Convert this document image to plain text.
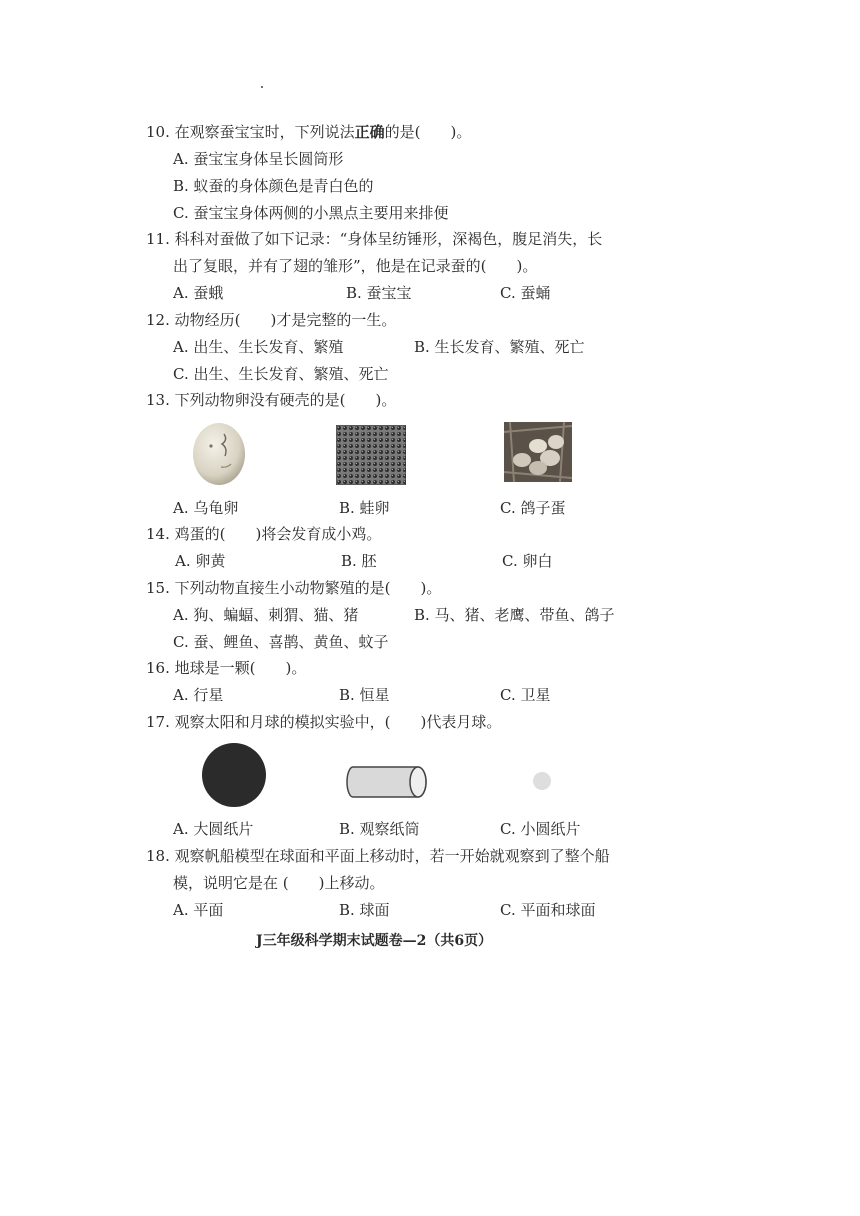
10. 在观察蚕宝宝时，下列说法正确的是(　　)。
A. 蚕宝宝身体呈长圆筒形
B. 蚁蚕的身体颜色是青白色的
C. 蚕宝宝身体两侧的小黑点主要用来排便
11. 科科对蚕做了如下记录：“身体呈纺锤形，深褐色，腹足消失，长
出了复眼，并有了翅的雏形”，他是在记录蚕的(　　)。
A. 蚕蛾	B. 蚕宝宝	C. 蚕蛹
12. 动物经历(　　)才是完整的一生。
A. 出生、生长发育、繁殖	B. 生长发育、繁殖、死亡
C. 出生、生长发育、繁殖、死亡
13. 下列动物卵没有硬壳的是(　　)。
A. 乌龟卵	B. 蛙卵	C. 鸽子蛋
14. 鸡蛋的(　　)将会发育成小鸡。
A. 卵黄	B. 胚	C. 卵白
15. 下列动物直接生小动物繁殖的是(　　)。
A. 狗、蝙蝠、刺猬、猫、猪	B. 马、猪、老鹰、带鱼、鸽子
C. 蚕、鲤鱼、喜鹊、黄鱼、蚊子
16. 地球是一颗(　　)。
A. 行星	B. 恒星	C. 卫星
17. 观察太阳和月球的模拟实验中，(　　)代表月球。
A. 大圆纸片	B. 观察纸筒	C. 小圆纸片
18. 观察帆船模型在球面和平面上移动时，若一开始就观察到了整个船
模，说明它是在 (　　)上移动。
A. 平面	B. 球面	C. 平面和球面
J三年级科学期末试题卷—2（共6页）
